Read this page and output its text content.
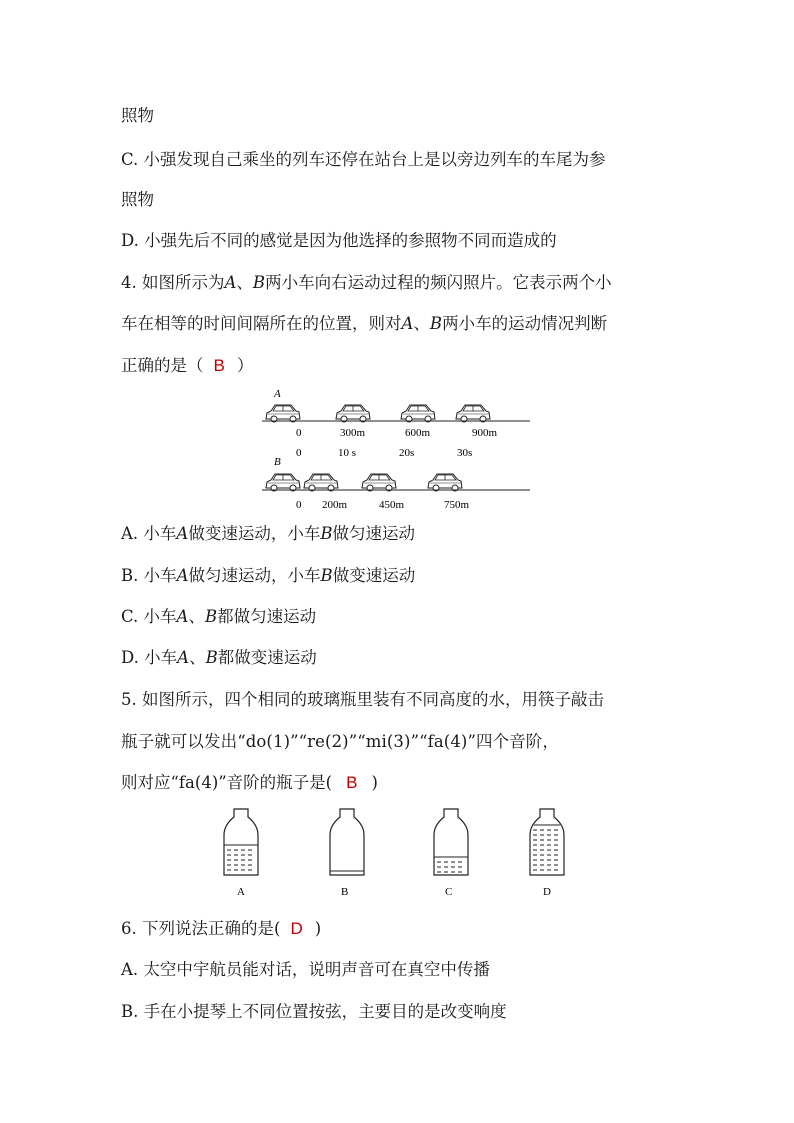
照物
C. 小强发现自己乘坐的列车还停在站台上是以旁边列车的车尾为参
照物
D. 小强先后不同的感觉是因为他选择的参照物不同而造成的
4. 如图所示为A、B两小车向右运动过程的频闪照片。它表示两个小
车在相等的时间间隔所在的位置，则对A、B两小车的运动情况判断
正确的是（ B ）
A
0	300m	600m	900m
0	10 s	20s	30s
B
0 200m	450m	750m
A. 小车A做变速运动，小车B做匀速运动
B. 小车A做匀速运动，小车B做变速运动
C. 小车A、B都做匀速运动
D. 小车A、B都做变速运动
5. 如图所示，四个相同的玻璃瓶里装有不同高度的水，用筷子敲击
瓶子就可以发出“do(1)”“re(2)”“mi(3)”“fa(4)”四个音阶，
则对应“fa(4)”音阶的瓶子是( B )
A	B	C	D
6. 下列说法正确的是( D )
A. 太空中宇航员能对话，说明声音可在真空中传播
B. 手在小提琴上不同位置按弦，主要目的是改变响度
